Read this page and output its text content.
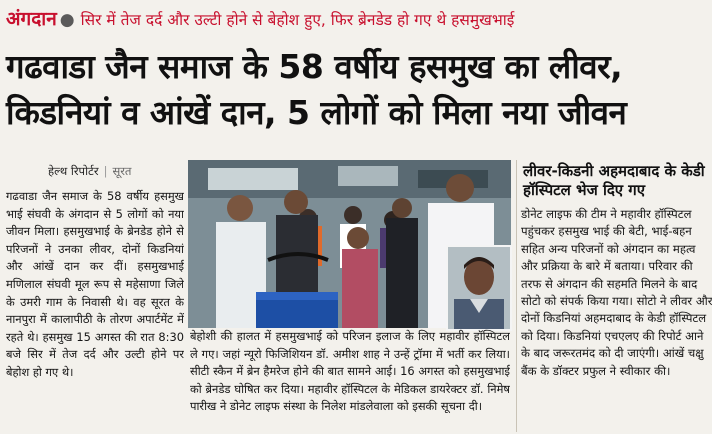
अंगदान ● सिर में तेज दर्द और उल्टी होने से बेहोश हुए, फिर ब्रेनडेड हो गए थे हसमुखभाई
गढवाडा जैन समाज के 58 वर्षीय हसमुख का लीवर,
किडनियां व आंखें दान, 5 लोगों को मिला नया जीवन
हेल्थ रिपोर्टर | सूरत

गढवाडा जैन समाज के 58 वर्षीय हसमुख भाई संघवी के अंगदान से 5 लोगों को नया जीवन मिला। हसमुखभाई के ब्रेनडेड होने से परिजनों ने उनका लीवर, दोनों किडनियां और आंखें दान कर दीं। हसमुखभाई मणिलाल संघवी मूल रूप से महेसाणा जिले के उमरी गाम के निवासी थे। वह सूरत के नानपुरा में कालापीठी के तोरण अपार्टमेंट में रहते थे। हसमुख 15 अगस्त की रात 8:30 बजे सिर में तेज दर्द और उल्टी होने पर बेहोश हो गए थे।

बेहोशी की हालत में हसमुखभाई को परिजन इलाज के लिए महावीर हॉस्पिटल ले गए। जहां न्यूरो फिजिशियन डॉ. अमीश शाह ने उन्हें ट्रॉमा में भर्ती कर लिया। सीटी स्कैन में ब्रेन हैमरेज होने की बात सामने आई। 16 अगस्त को हसमुखभाई को ब्रेनडेड घोषित कर दिया। महावीर हॉस्पिटल के मेडिकल डायरेक्टर डॉ. निमेष पारीख ने डोनेट लाइफ संस्था के निलेश मांडलेवाला को इसकी सूचना दी।

लीवर-किडनी अहमदाबाद के केडी हॉस्पिटल भेज दिए गए

डोनेट लाइफ की टीम ने महावीर हॉस्पिटल पहुंचकर हसमुख भाई की बेटी, भाई-बहन सहित अन्य परिजनों को अंगदान का महत्व और प्रक्रिया के बारे में बताया। परिवार की तरफ से अंगदान की सहमति मिलने के बाद सोटो को संपर्क किया गया। सोटो ने लीवर और दोनों किडनियां अहमदाबाद के केडी हॉस्पिटल को दिया। किडनियां एचएलए की रिपोर्ट आने के बाद जरूरतमंद को दी जाएंगी। आंखें चक्षु बैंक के डॉक्टर प्रफुल ने स्वीकार की।
